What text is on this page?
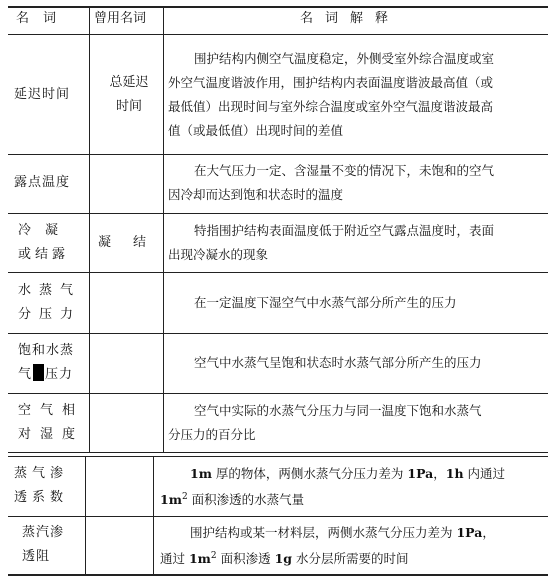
名词	曾用名词	名词解释
延迟时间
总延迟
时间
围护结构内侧空气温度稳定，外侧受室外综合温度或室
外空气温度谐波作用，围护结构内表面温度谐波最高值（或
最低值）出现时间与室外综合温度或室外空气温度谐波最高
值（或最低值）出现时间的差值
露点温度
在大气压力一定、含湿量不变的情况下，未饱和的空气
因冷却而达到饱和状态时的温度
冷凝
或结露
凝结
特指围护结构表面温度低于附近空气露点温度时，表面
出现冷凝水的现象
水蒸气
分压力
在一定温度下湿空气中水蒸气部分所产生的压力
饱和水蒸
气 压力
空气中水蒸气呈饱和状态时水蒸气部分所产生的压力
空气相
对湿度
空气中实际的水蒸气分压力与同一温度下饱和水蒸气
分压力的百分比
蒸气渗
透系数
1m 厚的物体，两侧水蒸气分压力差为 1Pa，1h 内通过
$1m^2$ 面积渗透的水蒸气量
蒸汽渗
透阻
围护结构或某一材料层，两侧水蒸气分压力差为 1Pa，
通过 $1m^2$ 面积渗透 1g 水分层所需要的时间
